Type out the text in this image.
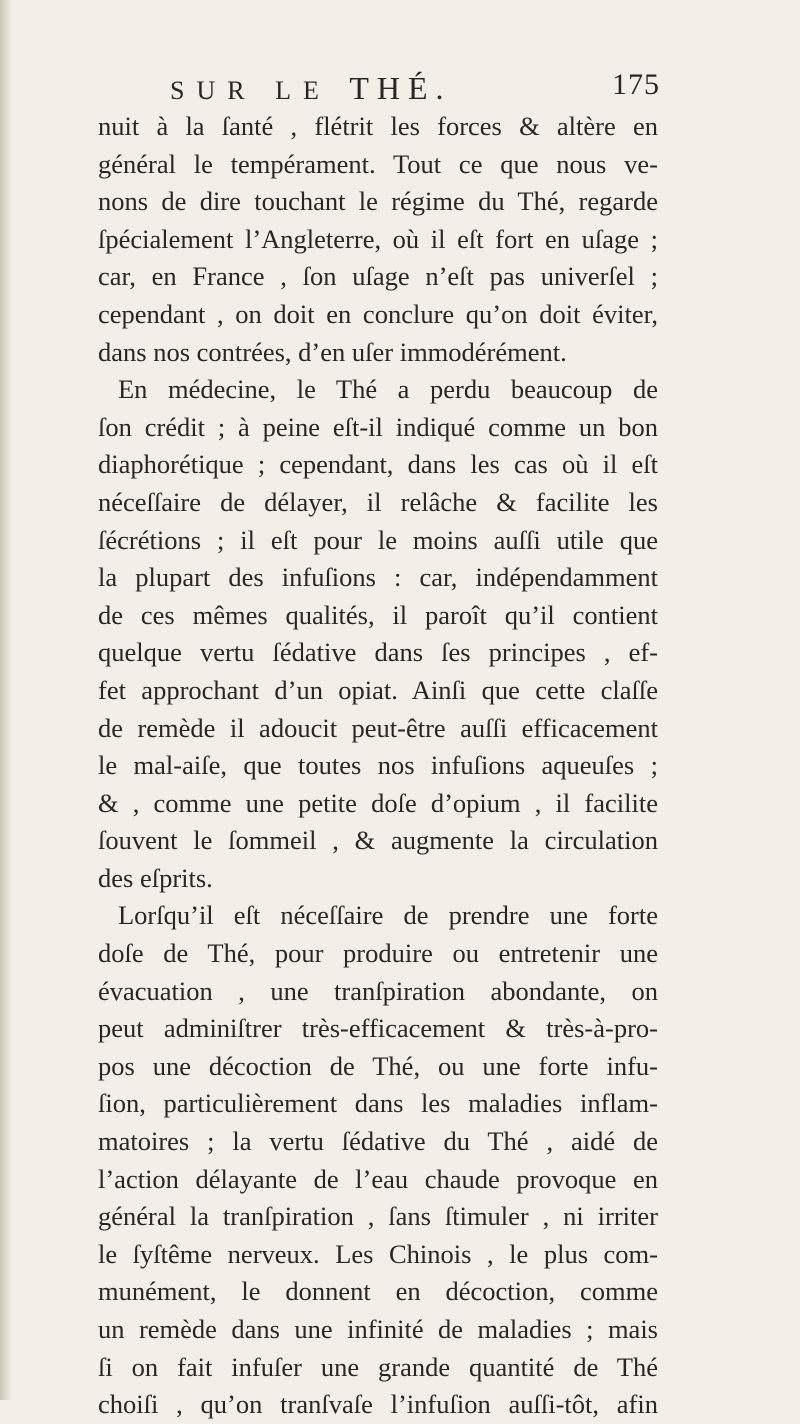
SUR LE THÉ.	175
nuit à la ſanté , flétrit les forces & altère en
général le tempérament. Tout ce que nous ve-
nons de dire touchant le régime du Thé, regarde
ſpécialement l’Angleterre, où il eſt fort en uſage ;
car, en France , ſon uſage n’eſt pas univerſel ;
cependant , on doit en conclure qu’on doit éviter,
dans nos contrées, d’en uſer immodérément.
En médecine, le Thé a perdu beaucoup de
ſon crédit ; à peine eſt-il indiqué comme un bon
diaphorétique ; cependant, dans les cas où il eſt
néceſſaire de délayer, il relâche & facilite les
ſécrétions ; il eſt pour le moins auſſi utile que
la plupart des infuſions : car, indépendamment
de ces mêmes qualités, il paroît qu’il contient
quelque vertu ſédative dans ſes principes , ef-
fet approchant d’un opiat. Ainſi que cette claſſe
de remède il adoucit peut-être auſſi efficacement
le mal-aiſe, que toutes nos infuſions aqueuſes ;
& , comme une petite doſe d’opium , il facilite
ſouvent le ſommeil , & augmente la circulation
des eſprits.
Lorſqu’il eſt néceſſaire de prendre une forte
doſe de Thé, pour produire ou entretenir une
évacuation , une tranſpiration abondante, on
peut adminiſtrer très-efficacement & très-à-pro-
pos une décoction de Thé, ou une forte infu-
ſion, particulièrement dans les maladies inflam-
matoires ; la vertu ſédative du Thé , aidé de
l’action délayante de l’eau chaude provoque en
général la tranſpiration , ſans ſtimuler , ni irriter
le ſyſtême nerveux. Les Chinois , le plus com-
munément, le donnent en décoction, comme
un remède dans une infinité de maladies ; mais
ſi on fait infuſer une grande quantité de Thé
choiſi , qu’on tranſvaſe l’infuſion auſſi-tôt, afin
